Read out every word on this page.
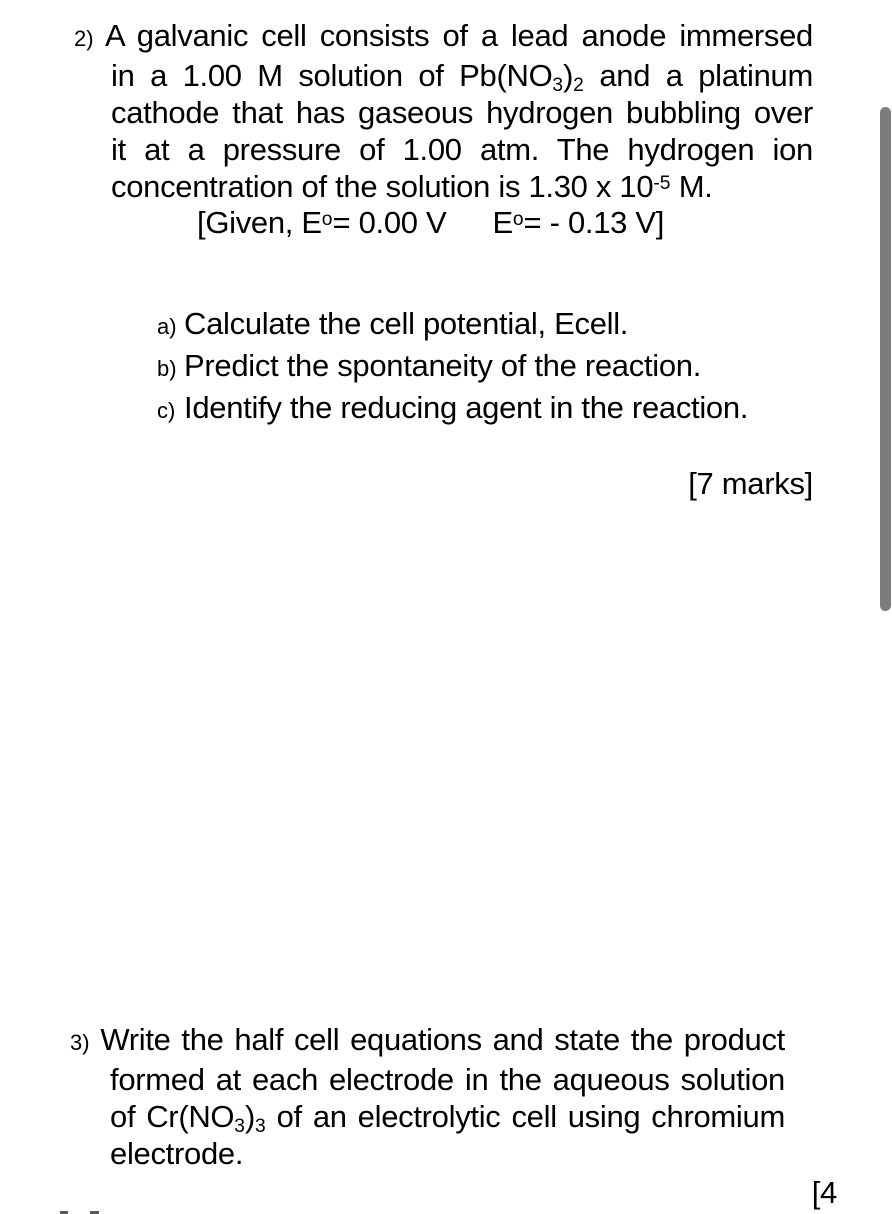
2) A galvanic cell consists of a lead anode immersed
in a 1.00 M solution of $Pb(NO_3)_2$ and a platinum
cathode that has gaseous hydrogen bubbling over
it at a pressure of 1.00 atm. The hydrogen ion
concentration of the solution is 1.30 x $10^{-5}$ M.
[Given, $E^o= 0.00$ V $E^o= - 0.13$ V]
a) Calculate the cell potential, Ecell.
b) Predict the spontaneity of the reaction.
c) Identify the reducing agent in the reaction.
[7 marks]
3) Write the half cell equations and state the product
formed at each electrode in the aqueous solution
of $Cr(NO_3)_3$ of an electrolytic cell using chromium
electrode.
[4
